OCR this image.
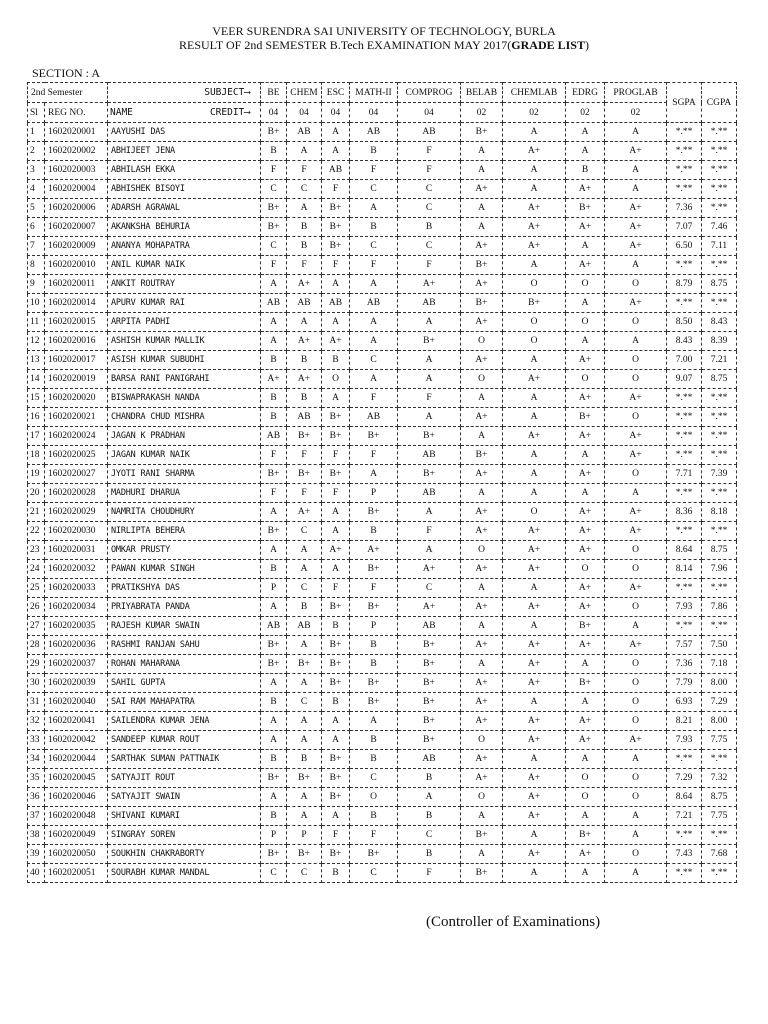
VEER SURENDRA SAI UNIVERSITY OF TECHNOLOGY, BURLA
RESULT OF 2nd SEMESTER B.Tech EXAMINATION MAY 2017(GRADE LIST)
SECTION : A
2nd Semester		SUBJECT⟶	BE	CHEM	ESC	MATH-II	COMPROG	BELAB	CHEMLAB	EDRG	PROGLAB	SGPA	CGPA
Sl	REG NO.	NAME CREDIT⟶	04	04	04	04	04	02	02	02	02		
1	1602020001	AAYUSHI DAS	B+	AB	A	AB	AB	B+	A	A	A	*.**	*.**
2	1602020002	ABHIJEET JENA	B	A	A	B	F	A	A+	A	A+	*.**	*.**
3	1602020003	ABHILASH EKKA	F	F	AB	F	F	A	A	B	A	*.**	*.**
4	1602020004	ABHISHEK BISOYI	C	C	F	C	C	A+	A	A+	A	*.**	*.**
5	1602020006	ADARSH AGRAWAL	B+	A	B+	A	C	A	A+	B+	A+	7.36	*.**
6	1602020007	AKANKSHA BEHURIA	B+	B	B+	B	B	A	A+	A+	A+	7.07	7.46
7	1602020009	ANANYA MOHAPATRA	C	B	B+	C	C	A+	A+	A	A+	6.50	7.11
8	1602020010	ANIL KUMAR NAIK	F	F	F	F	F	B+	A	A+	A	*.**	*.**
9	1602020011	ANKIT ROUTRAY	A	A+	A	A	A+	A+	O	O	O	8.79	8.75
10	1602020014	APURV KUMAR RAI	AB	AB	AB	AB	AB	B+	B+	A	A+	*.**	*.**
11	1602020015	ARPITA PADHI	A	A	A	A	A	A+	O	O	O	8.50	8.43
12	1602020016	ASHISH KUMAR MALLIK	A	A+	A+	A	B+	O	O	A	A	8.43	8.39
13	1602020017	ASISH KUMAR SUBUDHI	B	B	B	C	A	A+	A	A+	O	7.00	7.21
14	1602020019	BARSA RANI PANIGRAHI	A+	A+	O	A	A	O	A+	O	O	9.07	8.75
15	1602020020	BISWAPRAKASH NANDA	B	B	A	F	F	A	A	A+	A+	*.**	*.**
16	1602020021	CHANDRA CHUD MISHRA	B	AB	B+	AB	A	A+	A	B+	O	*.**	*.**
17	1602020024	JAGAN K PRADHAN	AB	B+	B+	B+	B+	A	A+	A+	A+	*.**	*.**
18	1602020025	JAGAN KUMAR NAIK	F	F	F	F	AB	B+	A	A	A+	*.**	*.**
19	1602020027	JYOTI RANI SHARMA	B+	B+	B+	A	B+	A+	A	A+	O	7.71	7.39
20	1602020028	MADHURI DHARUA	F	F	F	P	AB	A	A	A	A	*.**	*.**
21	1602020029	NAMRITA CHOUDHURY	A	A+	A	B+	A	A+	O	A+	A+	8.36	8.18
22	1602020030	NIRLIPTA BEHERA	B+	C	A	B	F	A+	A+	A+	A+	*.**	*.**
23	1602020031	OMKAR PRUSTY	A	A	A+	A+	A	O	A+	A+	O	8.64	8.75
24	1602020032	PAWAN KUMAR SINGH	B	A	A	B+	A+	A+	A+	O	O	8.14	7.96
25	1602020033	PRATIKSHYA DAS	P	C	F	F	C	A	A	A+	A+	*.**	*.**
26	1602020034	PRIYABRATA PANDA	A	B	B+	B+	A+	A+	A+	A+	O	7.93	7.86
27	1602020035	RAJESH KUMAR SWAIN	AB	AB	B	P	AB	A	A	B+	A	*.**	*.**
28	1602020036	RASHMI RANJAN SAHU	B+	A	B+	B	B+	A+	A+	A+	A+	7.57	7.50
29	1602020037	ROHAN MAHARANA	B+	B+	B+	B	B+	A	A+	A	O	7.36	7.18
30	1602020039	SAHIL GUPTA	A	A	B+	B+	B+	A+	A+	B+	O	7.79	8.00
31	1602020040	SAI RAM MAHAPATRA	B	C	B	B+	B+	A+	A	A	O	6.93	7.29
32	1602020041	SAILENDRA KUMAR JENA	A	A	A	A	B+	A+	A+	A+	O	8.21	8.00
33	1602020042	SANDEEP KUMAR ROUT	A	A	A	B	B+	O	A+	A+	A+	7.93	7.75
34	1602020044	SARTHAK SUMAN PATTNAIK	B	B	B+	B	AB	A+	A	A	A	*.**	*.**
35	1602020045	SATYAJIT ROUT	B+	B+	B+	C	B	A+	A+	O	O	7.29	7.32
36	1602020046	SATYAJIT SWAIN	A	A	B+	O	A	O	A+	O	O	8.64	8.75
37	1602020048	SHIVANI KUMARI	B	A	A	B	B	A	A+	A	A	7.21	7.75
38	1602020049	SINGRAY SOREN	P	P	F	F	C	B+	A	B+	A	*.**	*.**
39	1602020050	SOUKHIN CHAKRABORTY	B+	B+	B+	B+	B	A	A+	A+	O	7.43	7.68
40	1602020051	SOURABH KUMAR MANDAL	C	C	B	C	F	B+	A	A	A	*.**	*.**
(Controller of Examinations)
